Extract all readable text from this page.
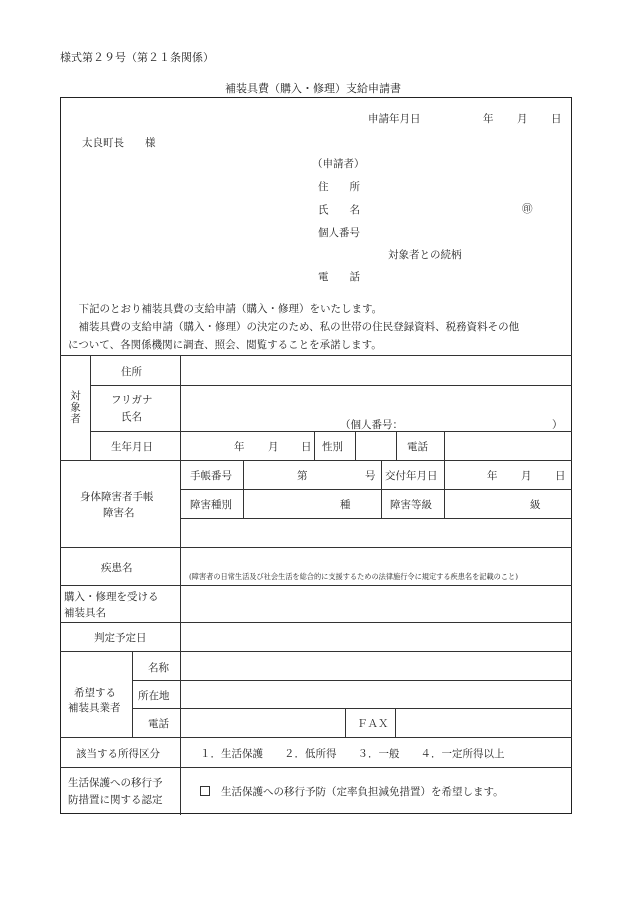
様式第２９号（第２１条関係）
補装具費（購入・修理）支給申請書
申請年月日	年 月 日
太良町長　　様
（申請者）
住　　所
氏　　名	㊞
個人番号
対象者との続柄
電　　話
　下記のとおり補装具費の支給申請（購入・修理）をいたします。
　補装具費の支給申請（購入・修理）の決定のため、私の世帯の住民登録資料、税務資料その他
について、各関係機関に調査、照会、閲覧することを承諾します。
対象者
住所
フリガナ
氏名
（個人番号：	）
生年月日	年 月 日 性別	電話
身体障害者手帳
障害名
手帳番号	第	号 交付年月日	年 月 日
障害種別	種	障害等級	級
疾患名
(障害者の日常生活及び社会生活を総合的に支援するための法律施行令に規定する疾患名を記載のこと)
購入・修理を受ける
補装具名
判定予定日
希望する
補装具業者
名称
所在地
電話	ＦＡＸ
該当する所得区分	１．生活保護　　２．低所得　　３．一般　　４．一定所得以上
生活保護への移行予
防措置に関する認定
生活保護への移行予防（定率負担減免措置）を希望します。
